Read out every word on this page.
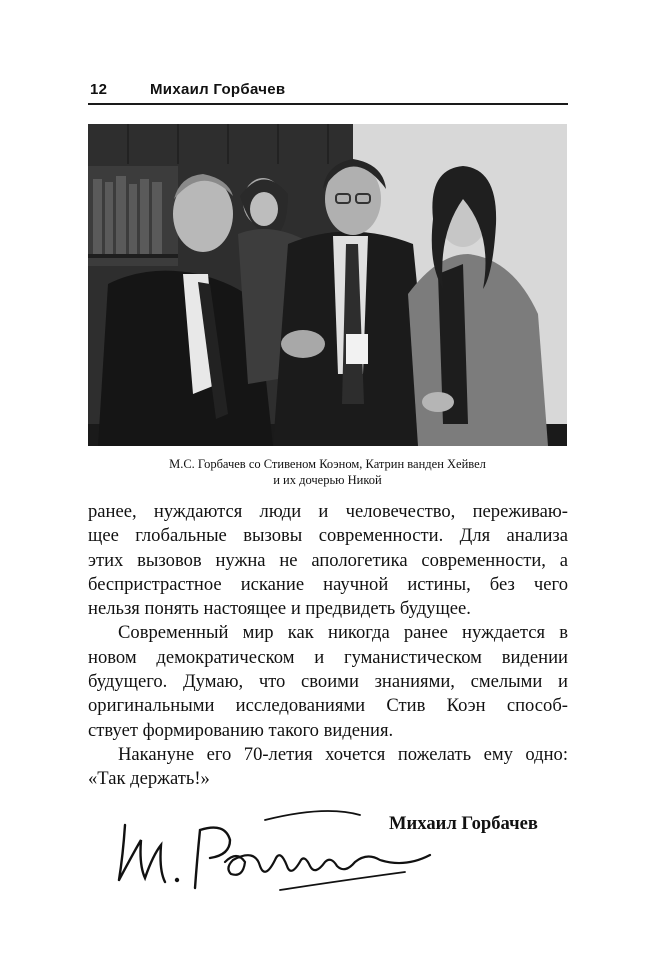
12	Михаил Горбачев
М.С. Горбачев со Стивеном Коэном, Катрин ванден Хейвел
и их дочерью Никой
ранее, нуждаются люди и человечество, переживаю-
щее глобальные вызовы современности. Для анализа
этих вызовов нужна не апологетика современности, а
беспристрастное искание научной истины, без чего
нельзя понять настоящее и предвидеть будущее.
Современный мир как никогда ранее нуждается в
новом демократическом и гуманистическом видении
будущего. Думаю, что своими знаниями, смелыми и
оригинальными исследованиями Стив Коэн способ-
ствует формированию такого видения.
Накануне его 70-летия хочется пожелать ему одно:
«Так держать!»
Михаил Горбачев
